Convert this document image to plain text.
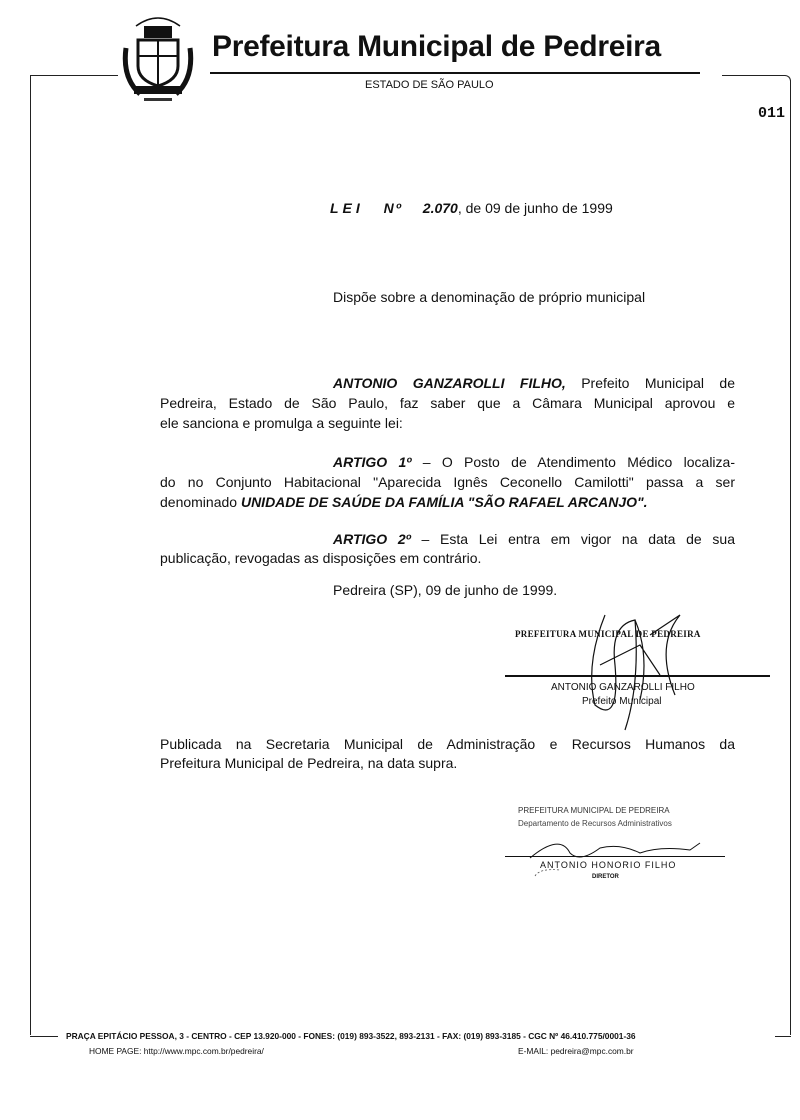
Prefeitura Municipal de Pedreira
ESTADO DE SÃO PAULO
011
LEI Nº 2.070, de 09 de junho de 1999
Dispõe sobre a denominação de próprio municipal
ANTONIO GANZAROLLI FILHO, Prefeito Municipal de
Pedreira, Estado de São Paulo, faz saber que a Câmara Municipal aprovou e
ele sanciona e promulga a seguinte lei:
ARTIGO 1º – O Posto de Atendimento Médico localiza-
do no Conjunto Habitacional "Aparecida Ignês Ceconello Camilotti" passa a ser
denominado UNIDADE DE SAÚDE DA FAMÍLIA "SÃO RAFAEL ARCANJO".
ARTIGO 2º – Esta Lei entra em vigor na data de sua
publicação, revogadas as disposições em contrário.
Pedreira (SP), 09 de junho de 1999.
PREFEITURA MUNICIPAL DE PEDREIRA
ANTONIO GANZAROLLI FILHO
Prefeito Municipal
Publicada na Secretaria Municipal de Administração e Recursos Humanos da
Prefeitura Municipal de Pedreira, na data supra.
PREFEITURA MUNICIPAL DE PEDREIRA
Departamento de Recursos Administrativos
ANTONIO HONORIO FILHO
DIRETOR
PRAÇA EPITÁCIO PESSOA, 3 - CENTRO - CEP 13.920-000 - FONES: (019) 893-3522, 893-2131 - FAX: (019) 893-3185 - CGC Nº 46.410.775/0001-36
HOME PAGE: http://www.mpc.com.br/pedreira/	E-MAIL: pedreira@mpc.com.br
